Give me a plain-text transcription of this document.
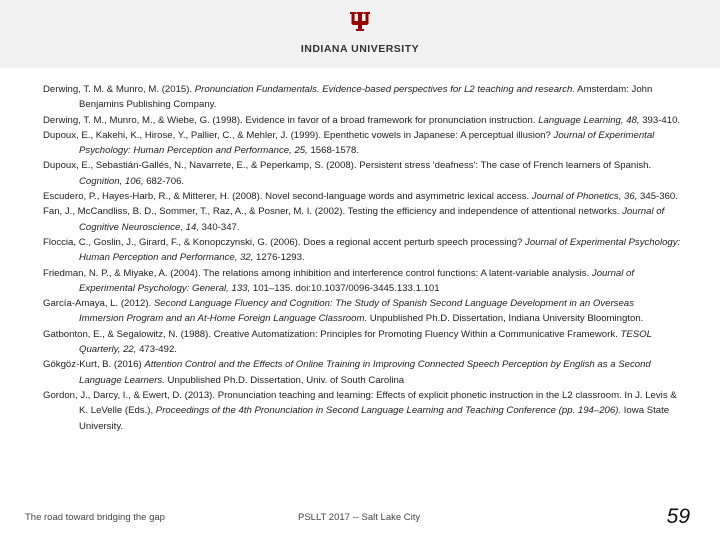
INDIANA UNIVERSITY

Derwing, T. M. & Munro, M. (2015). Pronunciation Fundamentals. Evidence-based perspectives for L2 teaching and research. Amsterdam: John Benjamins Publishing Company.

Derwing, T. M., Munro, M., & Wiebe, G. (1998). Evidence in favor of a broad framework for pronunciation instruction. Language Learning, 48, 393-410.

Dupoux, E., Kakehi, K., Hirose, Y., Pallier, C., & Mehler, J. (1999). Epenthetic vowels in Japanese: A perceptual illusion? Journal of Experimental Psychology: Human Perception and Performance, 25, 1568-1578.

Dupoux, E., Sebastián-Gallés, N., Navarrete, E., & Peperkamp, S. (2008). Persistent stress 'deafness': The case of French learners of Spanish. Cognition, 106, 682-706.

Escudero, P., Hayes-Harb, R., & Mitterer, H. (2008). Novel second-language words and asymmetric lexical access. Journal of Phonetics, 36, 345-360.

Fan, J., McCandliss, B. D., Sommer, T., Raz, A., & Posner, M. I. (2002). Testing the efficiency and independence of attentional networks. Journal of Cognitive Neuroscience, 14, 340-347.

Floccia, C., Goslin, J., Girard, F., & Konopczynski, G. (2006). Does a regional accent perturb speech processing? Journal of Experimental Psychology: Human Perception and Performance, 32, 1276-1293.

Friedman, N. P., & Miyake, A. (2004). The relations among inhibition and interference control functions: A latent-variable analysis. Journal of Experimental Psychology: General, 133, 101–135. doi:10.1037/0096-3445.133.1.101

García-Amaya, L. (2012). Second Language Fluency and Cognition: The Study of Spanish Second Language Development in an Overseas Immersion Program and an At-Home Foreign Language Classroom. Unpublished Ph.D. Dissertation, Indiana University Bloomington.

Gatbonton, E., & Segalowitz, N. (1988). Creative Automatization: Principles for Promoting Fluency Within a Communicative Framework. TESOL Quarterly, 22, 473-492.

Gökgöz-Kurt, B. (2016) Attention Control and the Effects of Online Training in Improving Connected Speech Perception by English as a Second Language Learners. Unpublished Ph.D. Dissertation, Univ. of South Carolina

Gordon, J., Darcy, I., & Ewert, D. (2013). Pronunciation teaching and learning: Effects of explicit phonetic instruction in the L2 classroom. In J. Levis & K. LeVelle (Eds.), Proceedings of the 4th Pronunciation in Second Language Learning and Teaching Conference (pp. 194–206). Iowa State University.

The road toward bridging the gap	PSLLT 2017 -- Salt Lake City	59
